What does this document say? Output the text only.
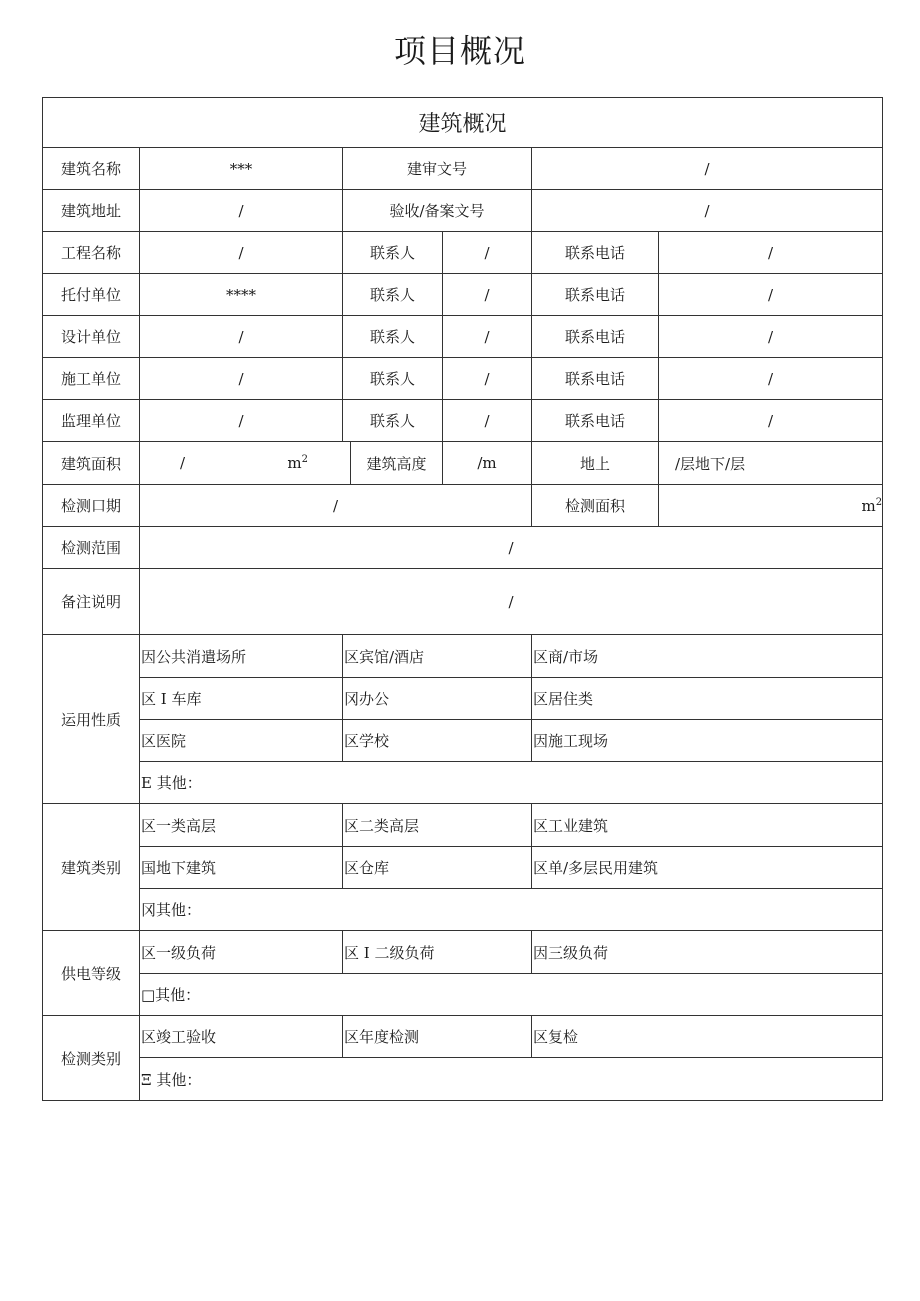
项目概况
建筑概况						
建筑名称	***	建审文号			/	
建筑地址	/	验收/备案文号			/	
工程名称	/	联系人		/	联系电话	/
托付单位	****	联系人		/	联系电话	/
设计单位	/	联系人		/	联系电话	/
施工单位	/	联系人		/	联系电话	/
监理单位	/	联系人		/	联系电话	/
建筑面积	/ $m^2$		建筑高度	/m	地上	/层地下/层
检测口期	/				检测面积	$m^2$
检测范围	/					
备注说明	/					
运用性质	因公共消遣场所	区宾馆/酒店			区商/市场	
	区 I 车库	冈办公			区居住类	
	区医院	区学校			因施工现场	
	E 其他：					
建筑类别	区一类高层	区二类高层			区工业建筑	
	国地下建筑	区仓库			区单/多层民用建筑	
	冈其他：					
供电等级	区一级负荷	区 I 二级负荷			因三级负荷	
	□其他：					
检测类别	区竣工验收	区年度检测			区复检	
	Ξ 其他：					
